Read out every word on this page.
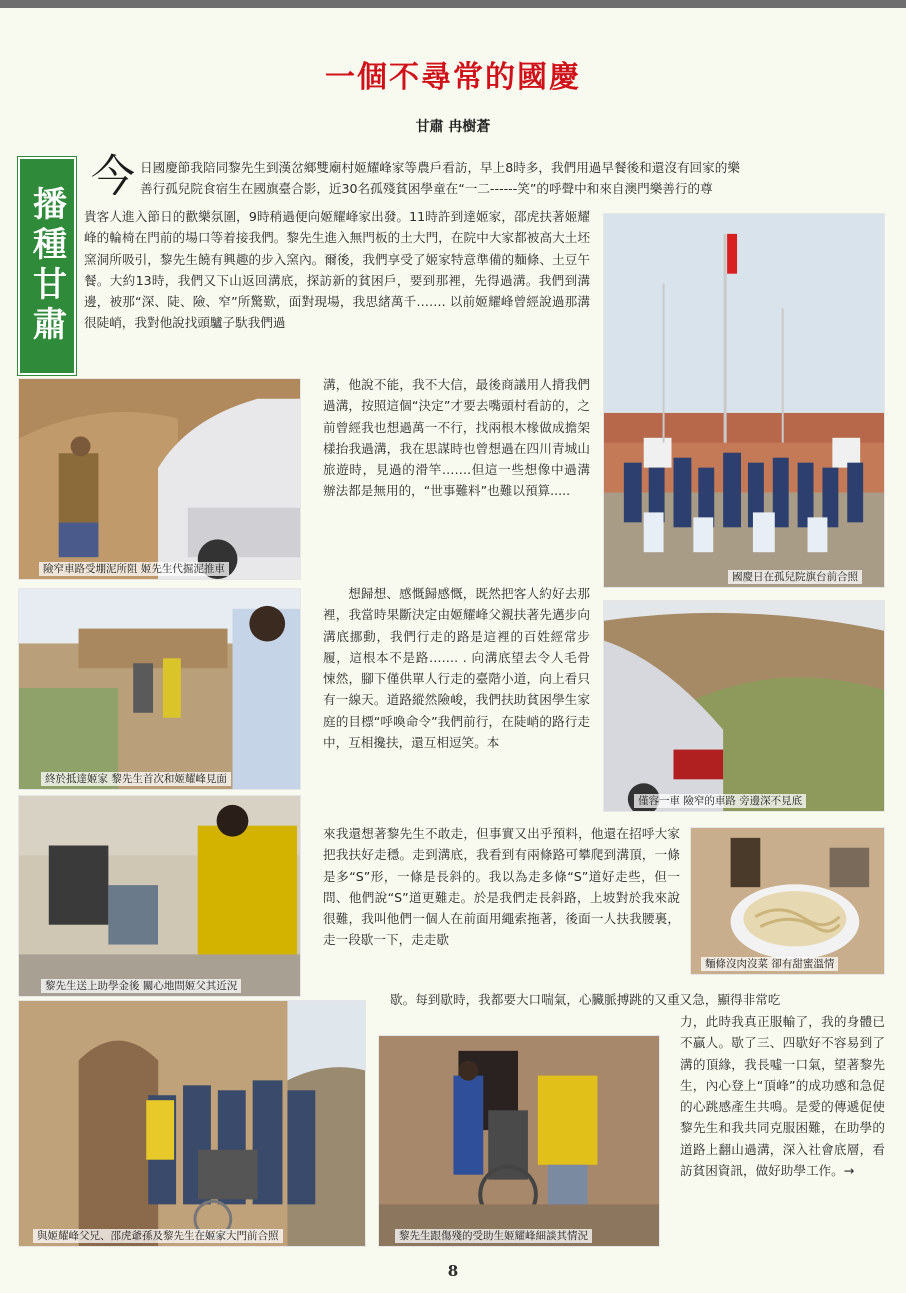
一個不尋常的國慶
甘肅 冉樹蒼
播種甘肅
今 日國慶節我陪同黎先生到漢岔鄉雙廟村姬耀峰家等農戶看訪，早上8時多，我們用過早餐後和還沒有回家的樂
善行孤兒院食宿生在國旗臺合影，近30名孤殘貧困學童在“一二------笑”的呼聲中和來自澳門樂善行的尊
貴客人進入節日的歡樂氛圍，9時稍過便向姬耀峰家出發。11時許到達姬家，邵虎扶著姬耀峰的輪椅在門前的場口等着接我們。黎先生進入無門板的土大門，在院中大家都被高大土坯窯洞所吸引，黎先生饒有興趣的步入窯內。爾後，我們享受了姬家特意準備的麵條、土豆午餐。大約13時，我們又下山返回溝底，探訪新的貧困戶，要到那裡，先得過溝。我們到溝邊，被那“深、陡、險、窄”所驚歎，面對現場，我思緒萬千……. 以前姬耀峰曾經說過那溝很陡峭，我對他說找頭驢子馱我們過
溝，他說不能，我不大信，最後商議用人揹我們過溝，按照這個“決定”才要去嘴頭村看訪的，之前曾經我也想過萬一不行，找兩根木椽做成擔架樣抬我過溝，我在思謀時也曾想過在四川青城山旅遊時，見過的滑竿…….但這一些想像中過溝辦法都是無用的，“世事難料”也難以預算.....
想歸想、感慨歸感慨，既然把客人約好去那裡，我當時果斷決定由姬耀峰父親扶著先邁步向溝底挪動，我們行走的路是這裡的百姓經常步履，這根本不是路……. . 向溝底望去令人毛骨悚然，腳下僅供單人行走的臺階小道，向上看只有一線天。道路縱然險峻，我們扶助貧困學生家庭的目標“呼喚命令”我們前行，在陡峭的路行走中，互相攙扶，還互相逗笑。本
來我還想著黎先生不敢走，但事實又出乎預料，他還在招呼大家把我扶好走穩。走到溝底，我看到有兩條路可攀爬到溝頂，一條是多“S”形，一條是長斜的。我以為走多條“S”道好走些，但一問、他們說“S”道更難走。於是我們走長斜路，上坡對於我來說很難，我叫他們一個人在前面用繩索拖著，後面一人扶我腰裏，走一段歇一下，走走歇
歇。每到歇時，我都要大口喘氣，心臟脈搏跳的又重又急，顯得非常吃
力，此時我真正服輸了，我的身體已不贏人。歇了三、四歇好不容易到了溝的頂緣，我長噓一口氣，望著黎先生，內心登上“頂峰”的成功感和急促的心跳感產生共鳴。是愛的傳遞促使黎先生和我共同克服困難，在助學的道路上翻山過溝，深入社會底層，看訪貧困資訊，做好助學工作。→
國慶日在孤兒院旗台前合照
險窄車路受堋泥所阻 姬先生代掘泥推車
終於抵達姬家 黎先生首次和姬耀峰見面
黎先生送上助學金後 關心地問姬父其近況
僅容一車 險窄的車路 旁邊深不見底
麵條沒肉沒菜 卻有甜蜜溫情
與姬耀峰父兄、邵虎爺孫及黎先生在姬家大門前合照	黎先生跟傷殘的受助生姬耀峰細談其情況
8
